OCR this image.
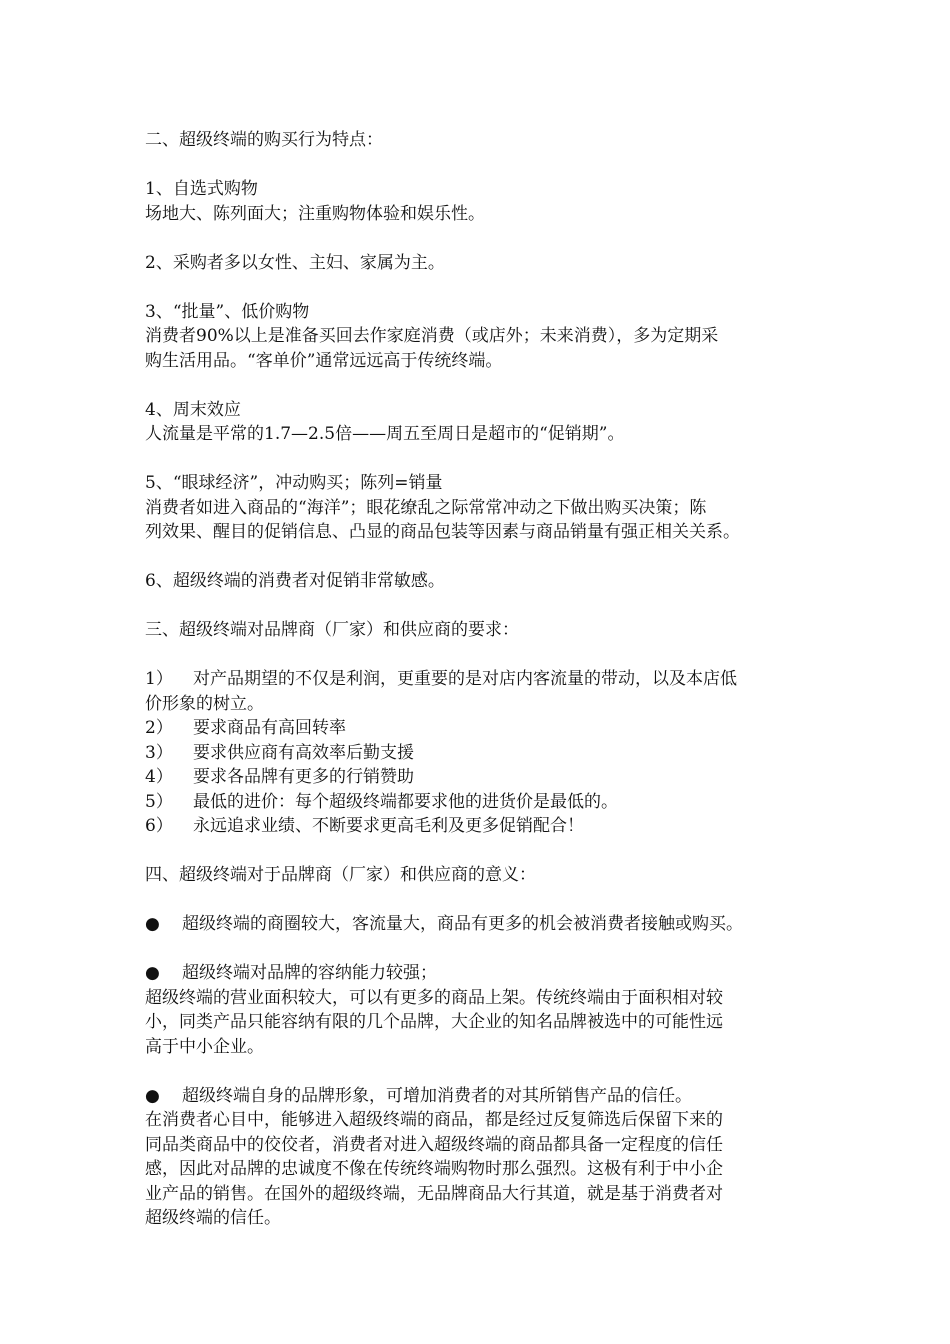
二、超级终端的购买行为特点：
1、自选式购物
场地大、陈列面大；注重购物体验和娱乐性。
2、采购者多以女性、主妇、家属为主。
3、“批量”、低价购物
消费者90%以上是准备买回去作家庭消费（或店外；未来消费），多为定期采
购生活用品。“客单价”通常远远高于传统终端。
4、周末效应
人流量是平常的1.7—2.5倍——周五至周日是超市的“促销期”。
5、“眼球经济”，冲动购买；陈列=销量
消费者如进入商品的“海洋”；眼花缭乱之际常常冲动之下做出购买决策；陈
列效果、醒目的促销信息、凸显的商品包装等因素与商品销量有强正相关关系。
6、超级终端的消费者对促销非常敏感。
三、超级终端对品牌商（厂家）和供应商的要求：
1） 对产品期望的不仅是利润，更重要的是对店内客流量的带动，以及本店低
价形象的树立。
2） 要求商品有高回转率
3） 要求供应商有高效率后勤支援
4） 要求各品牌有更多的行销赞助
5） 最低的进价：每个超级终端都要求他的进货价是最低的。
6） 永远追求业绩、不断要求更高毛利及更多促销配合！
四、超级终端对于品牌商（厂家）和供应商的意义：
● 超级终端的商圈较大，客流量大，商品有更多的机会被消费者接触或购买。
● 超级终端对品牌的容纳能力较强；
超级终端的营业面积较大，可以有更多的商品上架。传统终端由于面积相对较
小，同类产品只能容纳有限的几个品牌，大企业的知名品牌被选中的可能性远
高于中小企业。
● 超级终端自身的品牌形象，可增加消费者的对其所销售产品的信任。
在消费者心目中，能够进入超级终端的商品，都是经过反复筛选后保留下来的
同品类商品中的佼佼者，消费者对进入超级终端的商品都具备一定程度的信任
感，因此对品牌的忠诚度不像在传统终端购物时那么强烈。这极有利于中小企
业产品的销售。在国外的超级终端，无品牌商品大行其道，就是基于消费者对
超级终端的信任。
